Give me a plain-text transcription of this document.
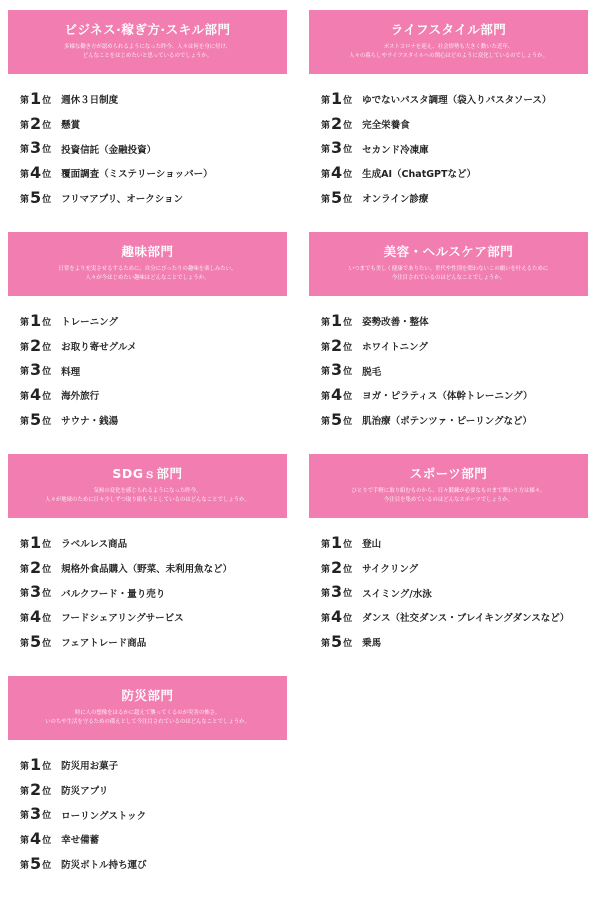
ビジネス·稼ぎ方·スキル部門
多様な働き方が認められるようになった昨今、人々は何を身に付け、
どんなことをはじめたいと思っているのでしょうか。
第 1 位 週休３日制度
第 2 位 懸賞
第 3 位 投資信託（金融投資）
第 4 位 覆面調査（ミステリーショッパー）
第 5 位 フリマアプリ、オークション
ライフスタイル部門
ポストコロナを迎え、社会情勢も大きく動いた近年、
人々の暮らしやライフスタイルへの関心はどのように変化しているのでしょうか。
第 1 位 ゆでないパスタ調理（袋入りパスタソース）
第 2 位 完全栄養食
第 3 位 セカンド冷凍庫
第 4 位 生成AI（ChatGPTなど）
第 5 位 オンライン診療
趣味部門
日常をより充実させるするために、自分にぴったりの趣味を楽しみたい。
人々が今はじめたい趣味はどんなことでしょうか。
第 1 位 トレーニング
第 2 位 お取り寄せグルメ
第 3 位 料理
第 4 位 海外旅行
第 5 位 サウナ・銭湯
美容・ヘルスケア部門
いつまでも美しく健康でありたい。世代や性別を問わないこの願いを叶えるために
今注目されているのはどんなことでしょうか。
第 1 位 姿勢改善・整体
第 2 位 ホワイトニング
第 3 位 脱毛
第 4 位 ヨガ・ピラティス（体幹トレーニング）
第 5 位 肌治療（ポテンツァ・ピーリングなど）
SDGｓ部門
気候の変化を感じられるようになった昨今、
人々が地球のために日々少しずつ取り組もうとしているのはどんなことでしょうか。
第 1 位 ラベルレス商品
第 2 位 規格外食品購入（野菜、未利用魚など）
第 3 位 バルクフード・量り売り
第 4 位 フードシェアリングサービス
第 5 位 フェアトレード商品
スポーツ部門
ひとりで手軽に取り組むものから、日々鍛錬が必要なものまで関わり方は様々。
今注目を集めているのはどんなスポーツでしょうか。
第 1 位 登山
第 2 位 サイクリング
第 3 位 スイミング/水泳
第 4 位 ダンス（社交ダンス・ブレイキングダンスなど）
第 5 位 乗馬
防災部門
時に人の想像をはるかに超えて襲ってくるのが災害の怖さ。
いのちや生活を守るための備えとして今注目されているのはどんなことでしょうか。
第 1 位 防災用お菓子
第 2 位 防災アプリ
第 3 位 ローリングストック
第 4 位 幸せ備蓄
第 5 位 防災ボトル持ち運び
